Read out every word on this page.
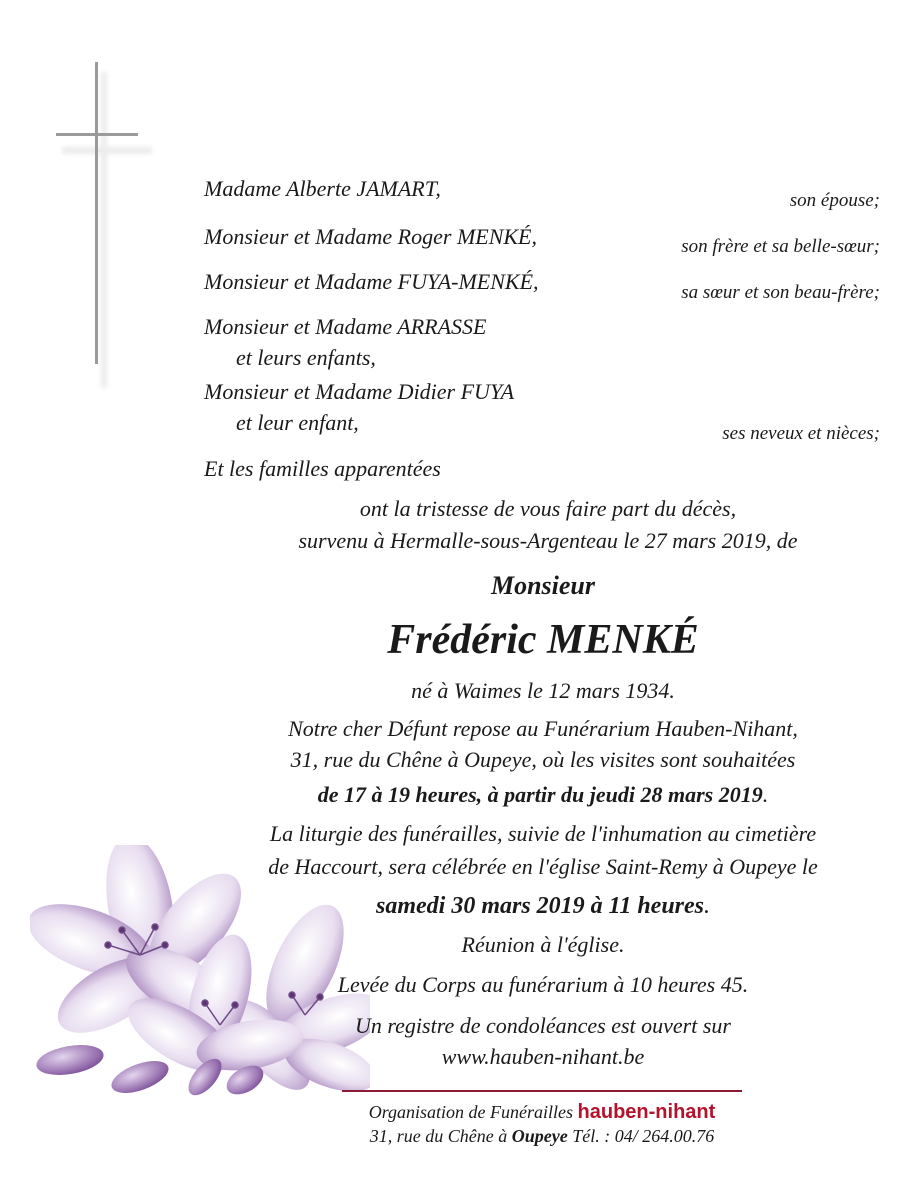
Madame Alberte JAMART,	son épouse;
Monsieur et Madame Roger MENKÉ,	son frère et sa belle-sœur;
Monsieur et Madame FUYA-MENKÉ,	sa sœur et son beau-frère;
Monsieur et Madame ARRASSE
et leurs enfants,
Monsieur et Madame Didier FUYA
et leur enfant,	ses neveux et nièces;
Et les familles apparentées
ont la tristesse de vous faire part du décès,
survenu à Hermalle-sous-Argenteau le 27 mars 2019, de
Monsieur
Frédéric MENKÉ
né à Waimes le 12 mars 1934.
Notre cher Défunt repose au Funérarium Hauben-Nihant,
31, rue du Chêne à Oupeye, où les visites sont souhaitées
de 17 à 19 heures, à partir du jeudi 28 mars 2019.
La liturgie des funérailles, suivie de l'inhumation au cimetière
de Haccourt, sera célébrée en l'église Saint-Remy à Oupeye le
samedi 30 mars 2019 à 11 heures.
Réunion à l'église.
Levée du Corps au funérarium à 10 heures 45.
Un registre de condoléances est ouvert sur
www.hauben-nihant.be
Organisation de Funérailles hauben-nihant
31, rue du Chêne à Oupeye Tél. : 04/ 264.00.76
